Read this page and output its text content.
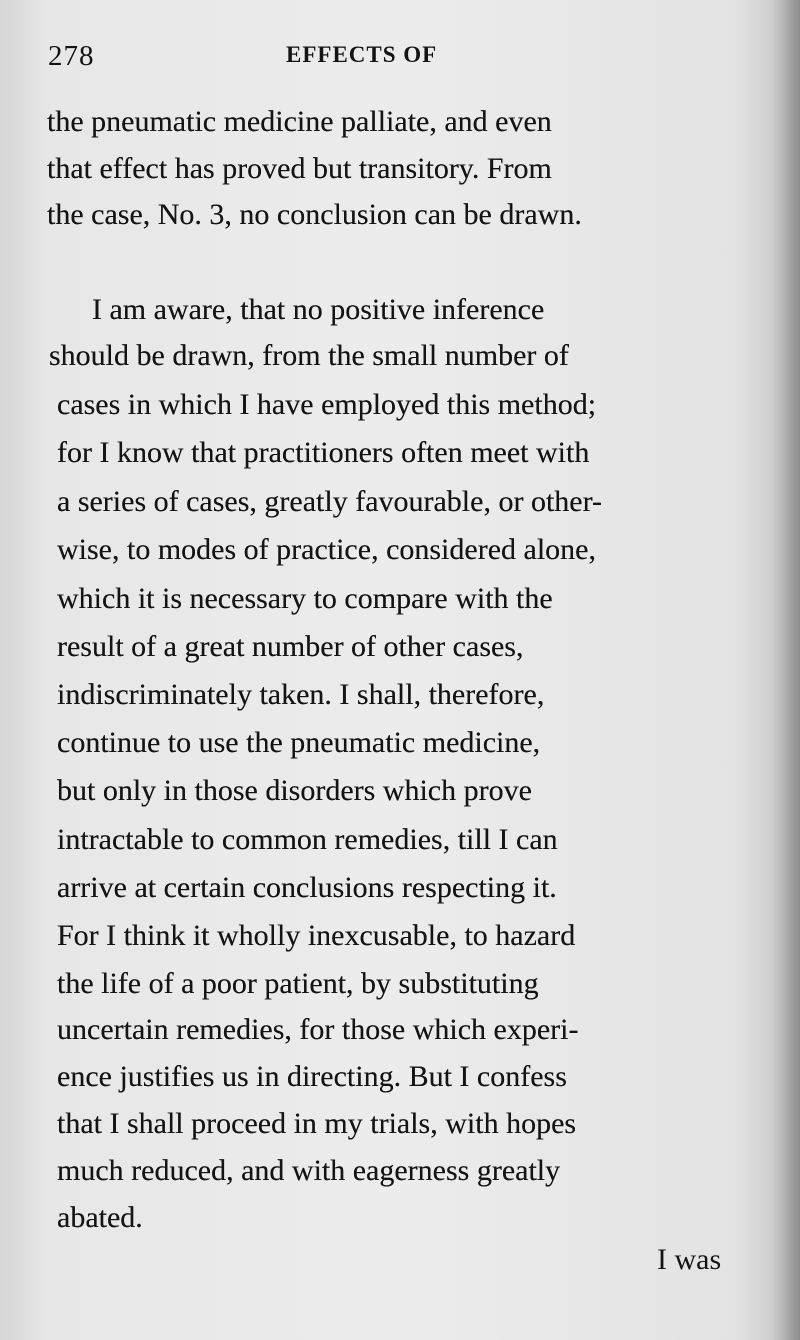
278	EFFECTS OF
the pneumatic medicine palliate, and even
that effect has proved but transitory. From
the case, No. 3, no conclusion can be drawn.
I am aware, that no positive inference
should be drawn, from the small number of
cases in which I have employed this method;
for I know that practitioners often meet with
a series of cases, greatly favourable, or other-
wise, to modes of practice, considered alone,
which it is necessary to compare with the
result of a great number of other cases,
indiscriminately taken. I shall, therefore,
continue to use the pneumatic medicine,
but only in those disorders which prove
intractable to common remedies, till I can
arrive at certain conclusions respecting it.
For I think it wholly inexcusable, to hazard
the life of a poor patient, by substituting
uncertain remedies, for those which experi-
ence justifies us in directing. But I confess
that I shall proceed in my trials, with hopes
much reduced, and with eagerness greatly
abated.
I was
